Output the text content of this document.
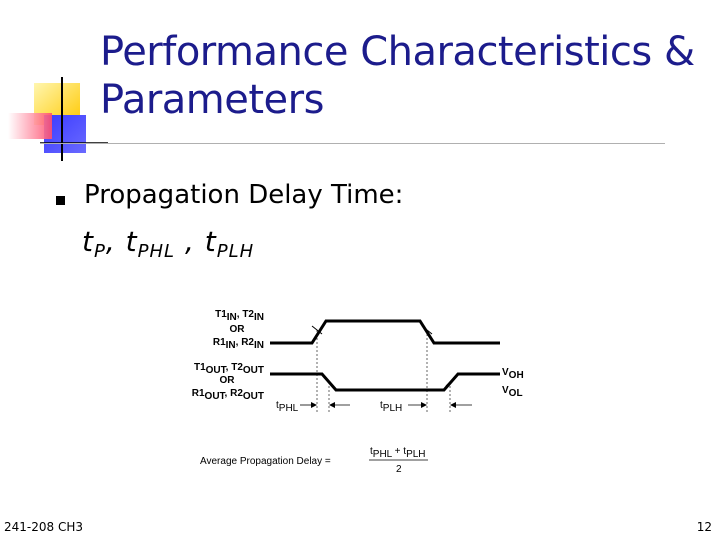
Performance Characteristics &
Parameters
Propagation Delay Time:
$t_P$, $t_{PHL}$ , $t_{PLH}$
T1IN, T2IN
OR
R1IN, R2IN
T1OUT, T2OUT
OR
R1OUT, R2OUT
VOH
VOL
tPHL	tPLH
Average Propagation Delay =
tPHL + tPLH
2
241-208 CH3	12
